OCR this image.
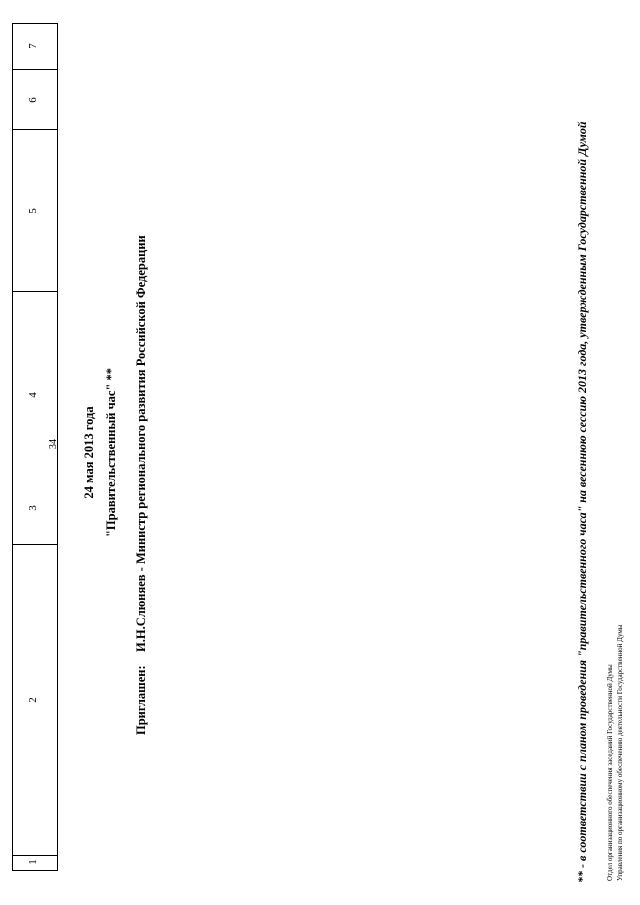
34
1
2
3
4
5
6
7
24 мая 2013 года "Правительственный час" **
Приглашен:
И.Н.Слюняев - Министр регионального развития Российской Федерации	** - в соответствии с планом проведения "правительственного часа" на весеннюю сессию 2013 года, утвержденным Государственной Думой Отдел организационного обеспечения заседаний Государственной Думы Управления по организационному обеспечению деятельности Государственной Думы
